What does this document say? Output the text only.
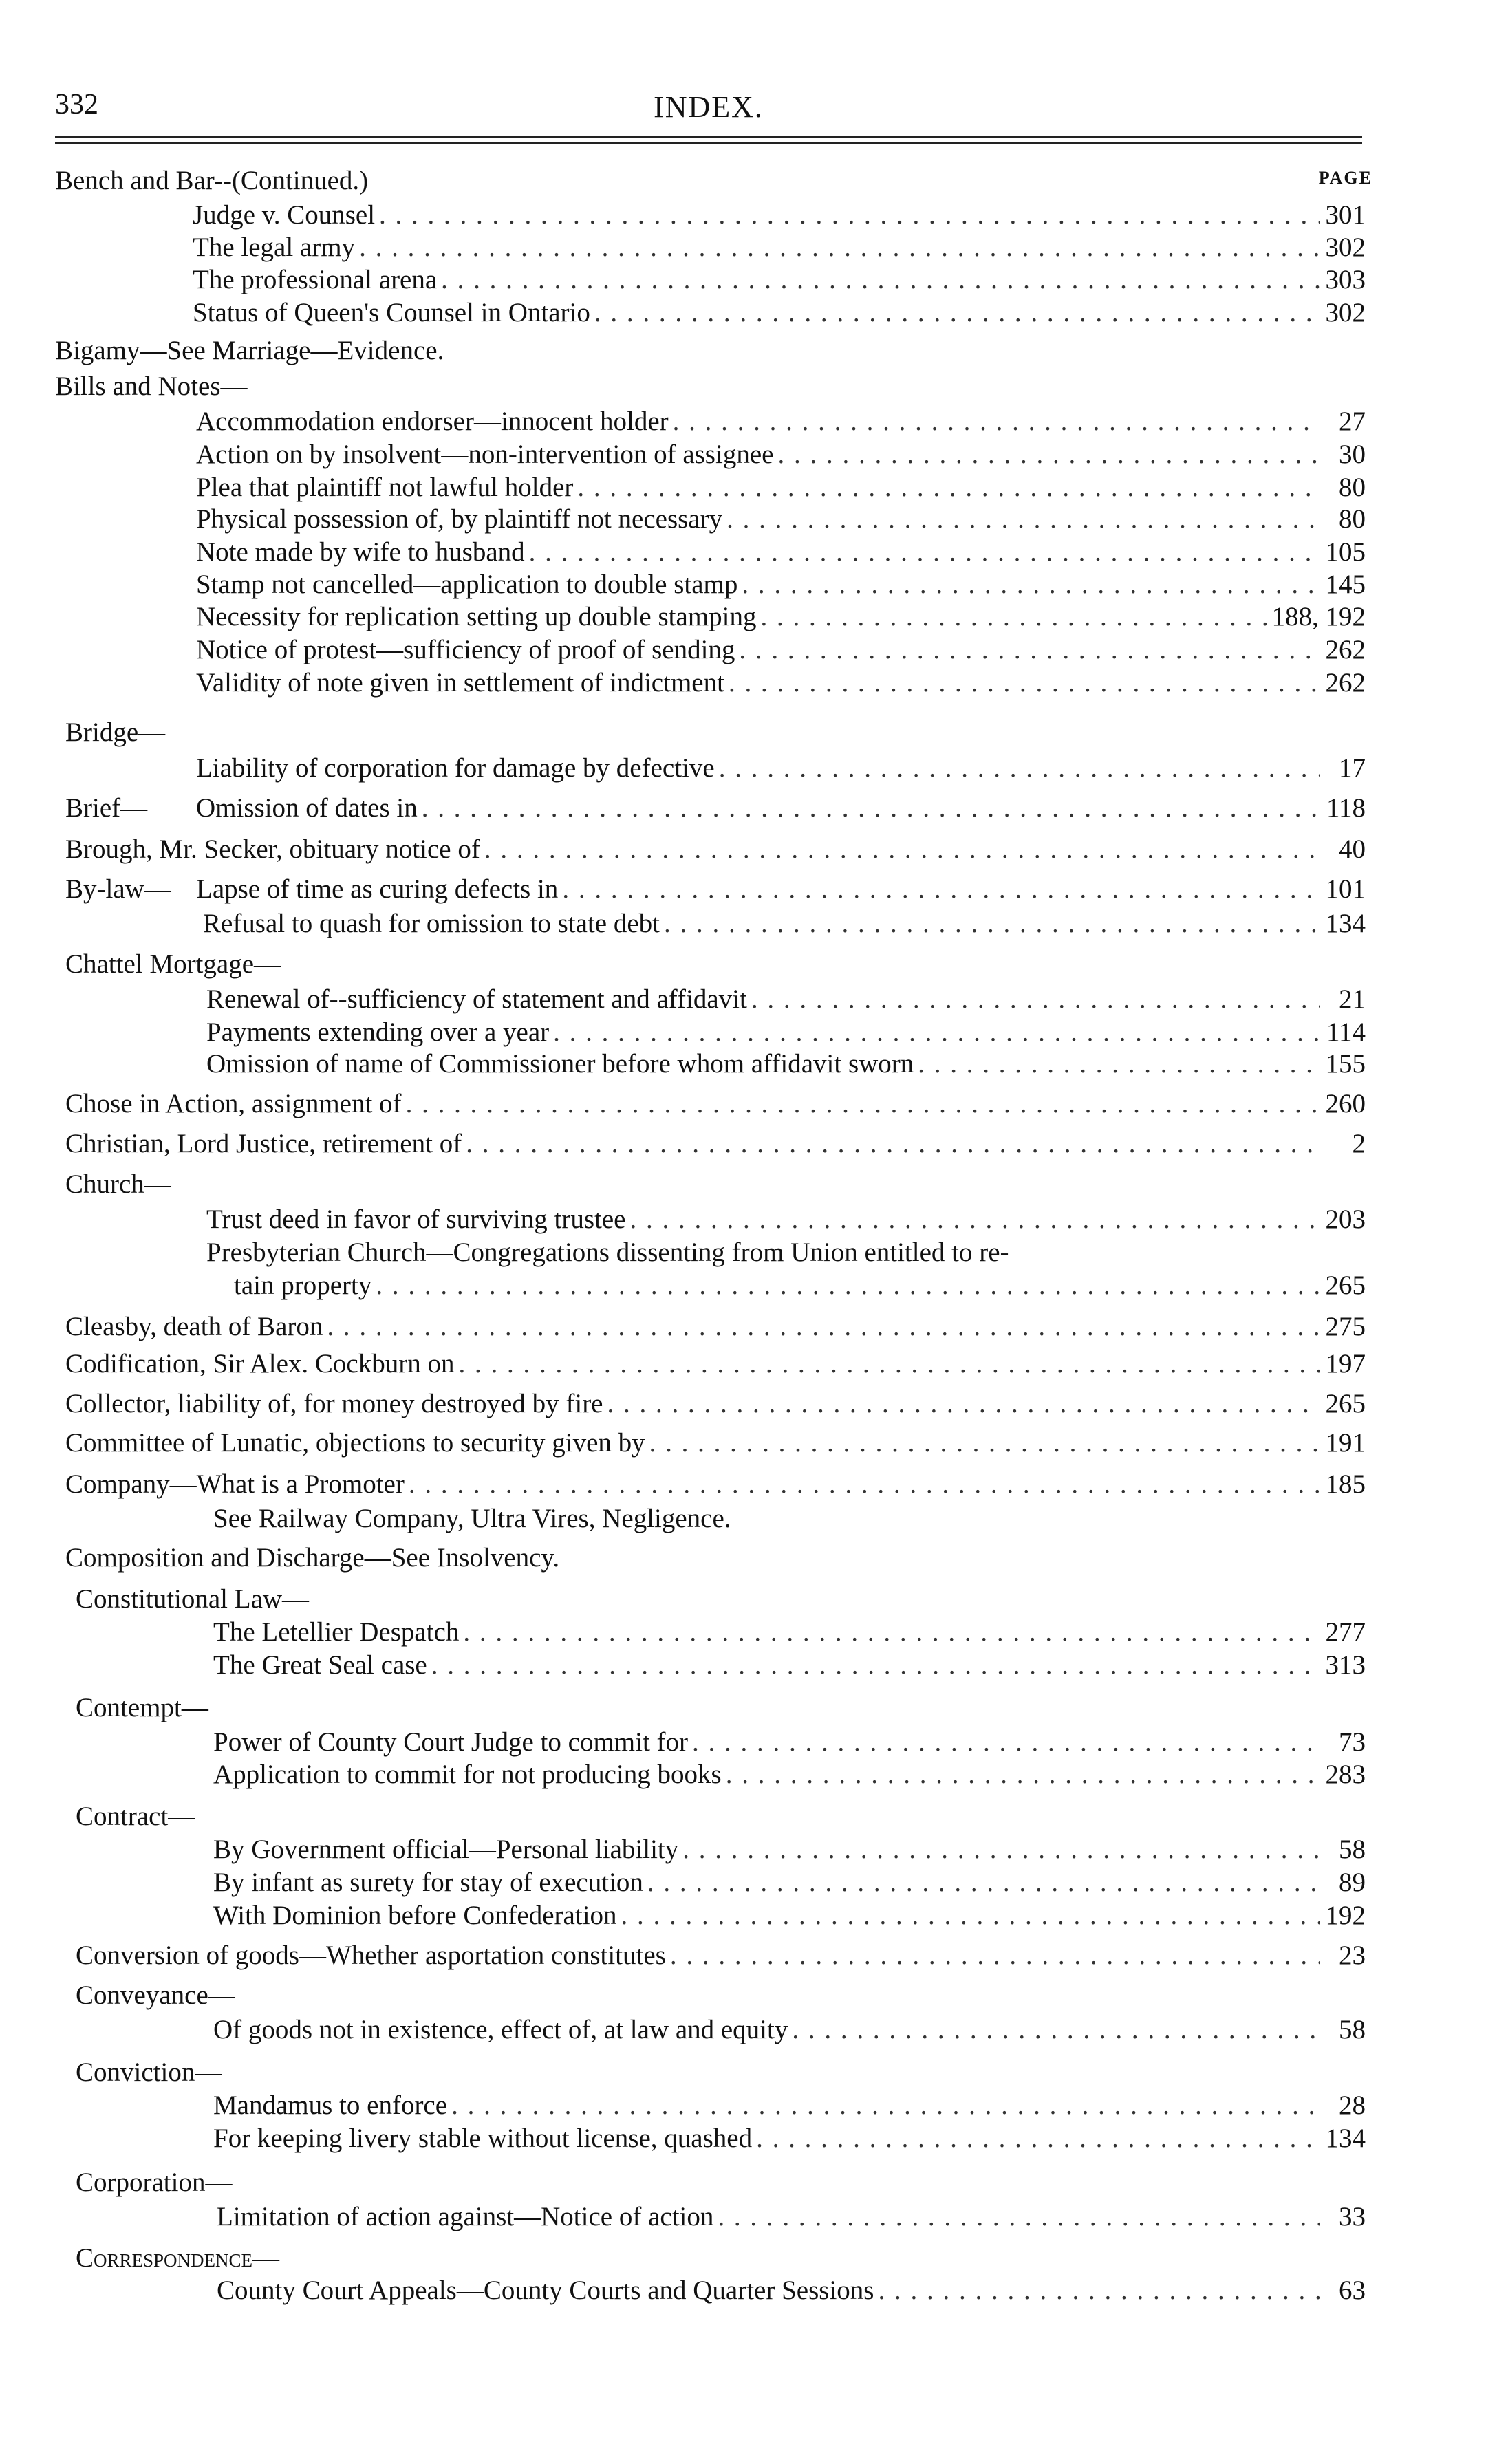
332	INDEX.
PAGE
Bench and Bar--(Continued.)
Judge v. Counsel . . .	301
The legal army . . .	302
The professional arena . . .	303
Status of Queen's Counsel in Ontario . . .	302
Bigamy—See Marriage—Evidence.
Bills and Notes—
Accommodation endorser—innocent holder . . .	27
Action on by insolvent—non-intervention of assignee . . .	30
Plea that plaintiff not lawful holder . . .	80
Physical possession of, by plaintiff not necessary . . .	80
Note made by wife to husband . . .	105
Stamp not cancelled—application to double stamp . . .	145
Necessity for replication setting up double stamping . . .	188, 192
Notice of protest—sufficiency of proof of sending . . .	262
Validity of note given in settlement of indictment . . .	262
Bridge—
Liability of corporation for damage by defective . . .	17
Brief— Omission of dates in . . .	118
Brough, Mr. Secker, obituary notice of . . .	40
By-law— Lapse of time as curing defects in . . .	101
Refusal to quash for omission to state debt . . .	134
Chattel Mortgage—
Renewal of--sufficiency of statement and affidavit . . .	21
Payments extending over a year . . .	114
Omission of name of Commissioner before whom affidavit sworn . . .	155
Chose in Action, assignment of . . .	260
Christian, Lord Justice, retirement of . . .	2
Church—
Trust deed in favor of surviving trustee . . .	203
Presbyterian Church—Congregations dissenting from Union entitled to re-
tain property . . .	265
Cleasby, death of Baron . . .	275
Codification, Sir Alex. Cockburn on . . .	197
Collector, liability of, for money destroyed by fire . . .	265
Committee of Lunatic, objections to security given by . . .	191
Company—What is a Promoter . . .	185
See Railway Company, Ultra Vires, Negligence.
Composition and Discharge—See Insolvency.
Constitutional Law—
The Letellier Despatch . . .	277
The Great Seal case . . .	313
Contempt—
Power of County Court Judge to commit for . . .	73
Application to commit for not producing books . . .	283
Contract—
By Government official—Personal liability . . .	58
By infant as surety for stay of execution . . .	89
With Dominion before Confederation . . .	192
Conversion of goods—Whether asportation constitutes . . .	23
Conveyance—
Of goods not in existence, effect of, at law and equity . . .	58
Conviction—
Mandamus to enforce . . .	28
For keeping livery stable without license, quashed . . .	134
Corporation—
Limitation of action against—Notice of action . . .	33
Correspondence—
County Court Appeals—County Courts and Quarter Sessions . . .	63
